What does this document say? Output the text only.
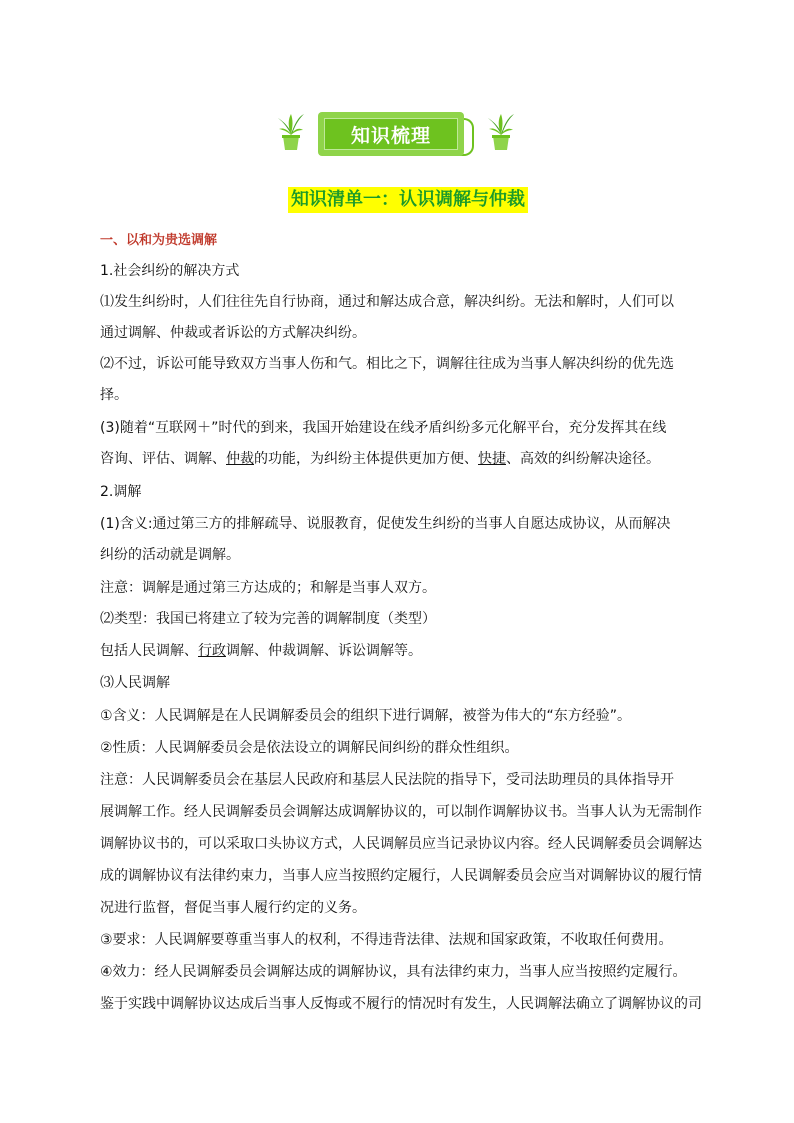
知识梳理
知识清单一：认识调解与仲裁
一、以和为贵选调解
1.社会纠纷的解决方式
⑴发生纠纷时，人们往往先自行协商，通过和解达成合意，解决纠纷。无法和解时，人们可以
通过调解、仲裁或者诉讼的方式解决纠纷。
⑵不过，诉讼可能导致双方当事人伤和气。相比之下，调解往往成为当事人解决纠纷的优先选
择。
(3)随着“互联网＋”时代的到来，我国开始建设在线矛盾纠纷多元化解平台，充分发挥其在线
咨询、评估、调解、仲裁的功能，为纠纷主体提供更加方便、快捷、高效的纠纷解决途径。
2.调解
(1)含义:通过第三方的排解疏导、说服教育，促使发生纠纷的当事人自愿达成协议，从而解决
纠纷的活动就是调解。
注意：调解是通过第三方达成的；和解是当事人双方。
⑵类型：我国已将建立了较为完善的调解制度（类型）
包括人民调解、行政调解、仲裁调解、诉讼调解等。
⑶人民调解
①含义：人民调解是在人民调解委员会的组织下进行调解，被誉为伟大的“东方经验”。
②性质：人民调解委员会是依法设立的调解民间纠纷的群众性组织。
注意：人民调解委员会在基层人民政府和基层人民法院的指导下，受司法助理员的具体指导开
展调解工作。经人民调解委员会调解达成调解协议的，可以制作调解协议书。当事人认为无需制作
调解协议书的，可以采取口头协议方式，人民调解员应当记录协议内容。经人民调解委员会调解达
成的调解协议有法律约束力，当事人应当按照约定履行，人民调解委员会应当对调解协议的履行情
况进行监督，督促当事人履行约定的义务。
③要求：人民调解要尊重当事人的权利，不得违背法律、法规和国家政策，不收取任何费用。
④效力：经人民调解委员会调解达成的调解协议，具有法律约束力，当事人应当按照约定履行。
鉴于实践中调解协议达成后当事人反悔或不履行的情况时有发生，人民调解法确立了调解协议的司
